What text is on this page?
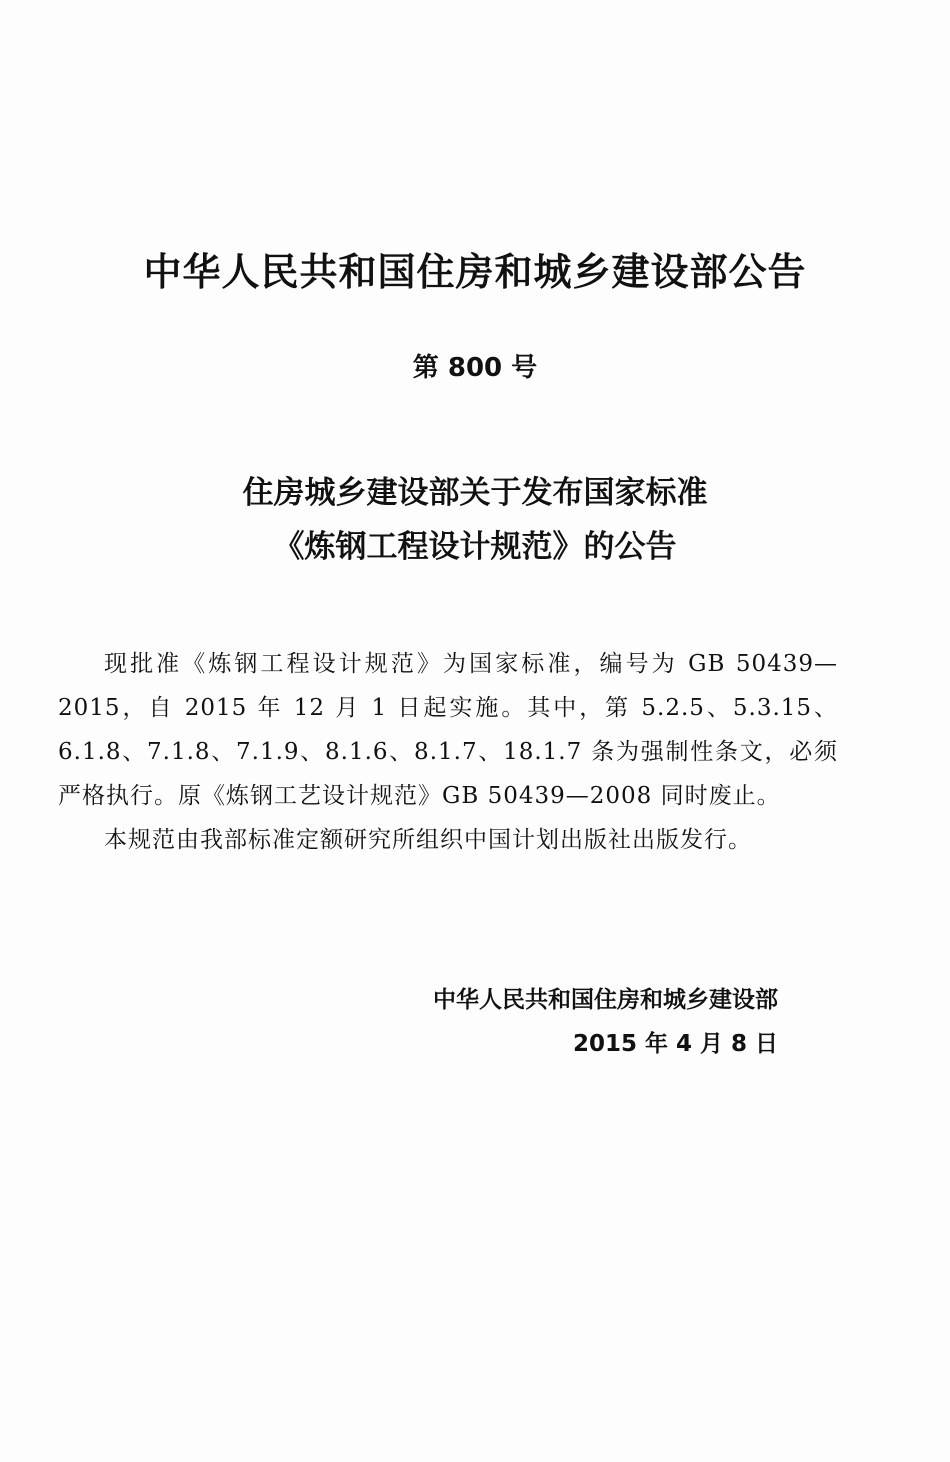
中华人民共和国住房和城乡建设部公告
第 800 号
住房城乡建设部关于发布国家标准
《炼钢工程设计规范》的公告

现批准《炼钢工程设计规范》为国家标准，编号为 GB 50439—2015，自 2015 年 12 月 1 日起实施。其中，第 5.2.5、5.3.15、6.1.8、7.1.8、7.1.9、8.1.6、8.1.7、18.1.7 条为强制性条文，必须严格执行。原《炼钢工艺设计规范》GB 50439—2008 同时废止。

本规范由我部标准定额研究所组织中国计划出版社出版发行。

中华人民共和国住房和城乡建设部
2015 年 4 月 8 日
